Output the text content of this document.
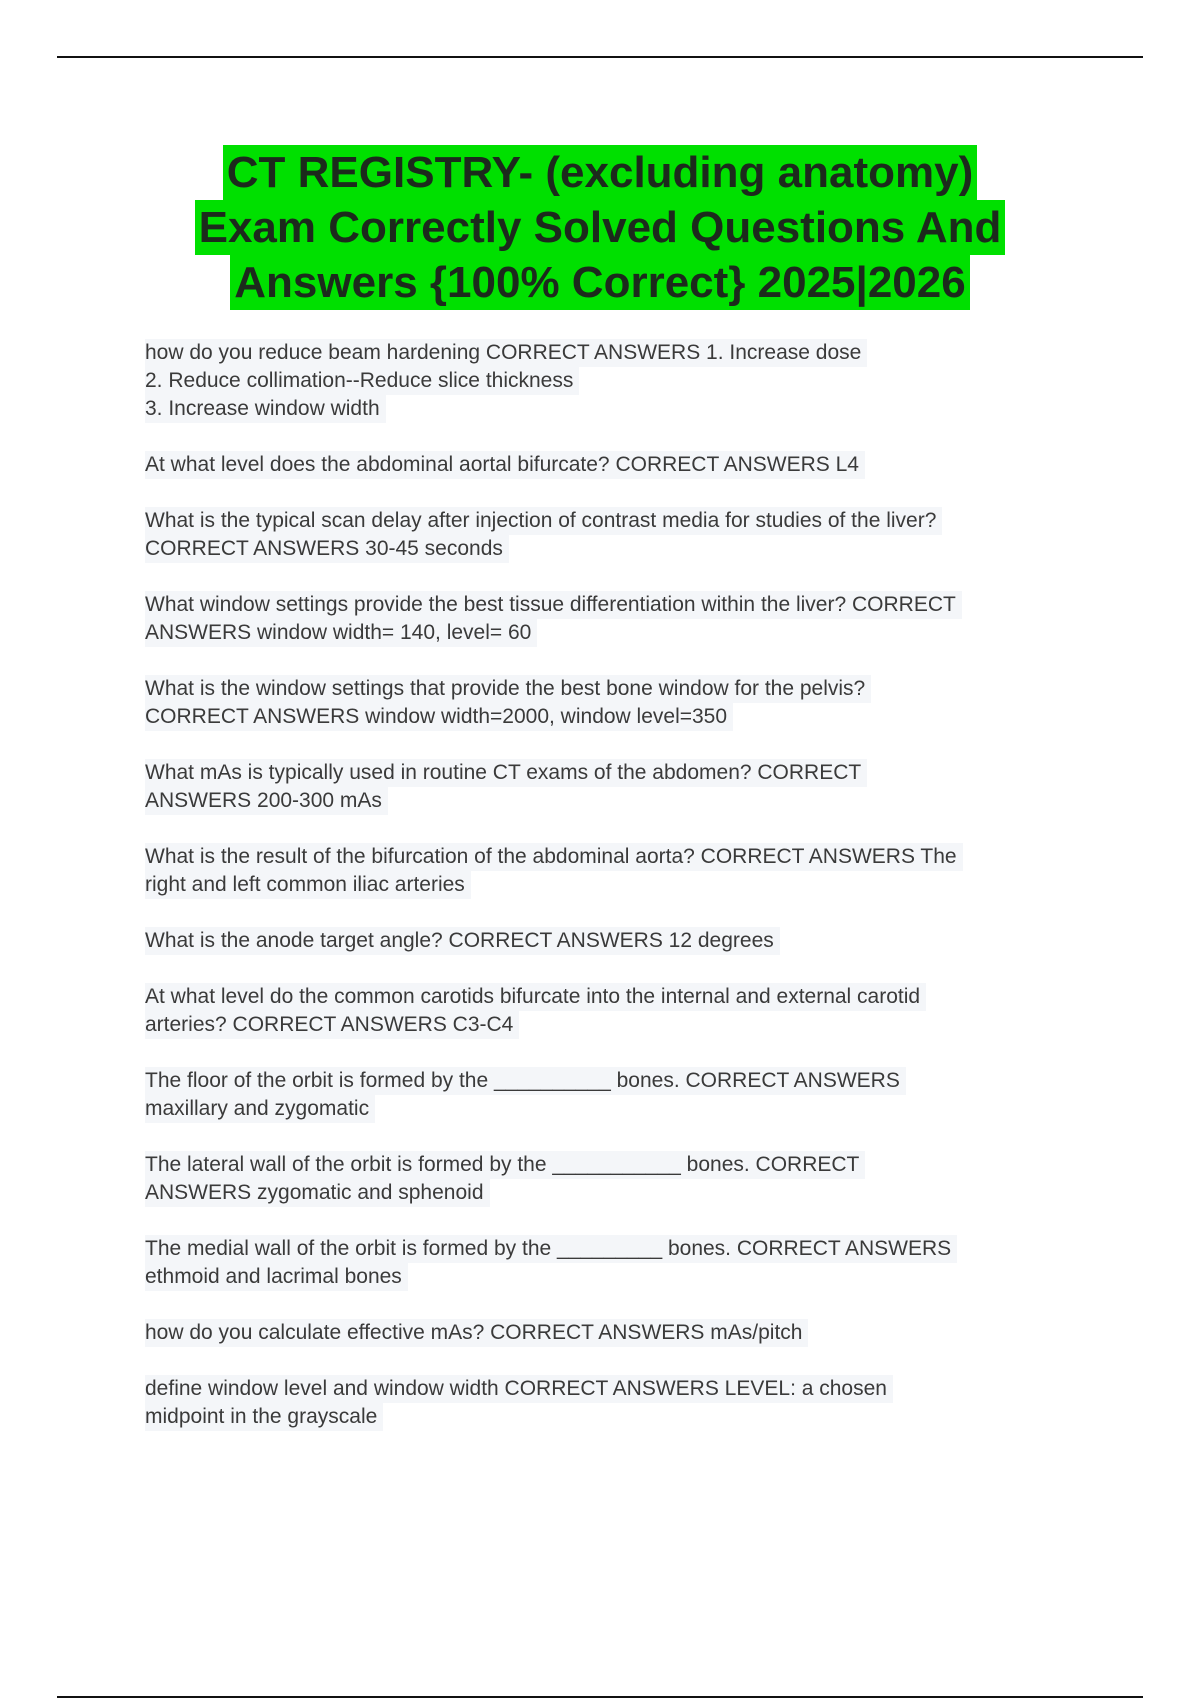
CT REGISTRY- (excluding anatomy)
Exam Correctly Solved Questions And
Answers {100% Correct} 2025|2026
how do you reduce beam hardening CORRECT ANSWERS 1. Increase dose
2. Reduce collimation--Reduce slice thickness
3. Increase window width
At what level does the abdominal aortal bifurcate? CORRECT ANSWERS L4
What is the typical scan delay after injection of contrast media for studies of the liver?
CORRECT ANSWERS 30-45 seconds
What window settings provide the best tissue differentiation within the liver? CORRECT
ANSWERS window width= 140, level= 60
What is the window settings that provide the best bone window for the pelvis?
CORRECT ANSWERS window width=2000, window level=350
What mAs is typically used in routine CT exams of the abdomen? CORRECT
ANSWERS 200-300 mAs
What is the result of the bifurcation of the abdominal aorta? CORRECT ANSWERS The
right and left common iliac arteries
What is the anode target angle? CORRECT ANSWERS 12 degrees
At what level do the common carotids bifurcate into the internal and external carotid
arteries? CORRECT ANSWERS C3-C4
The floor of the orbit is formed by the __________ bones. CORRECT ANSWERS
maxillary and zygomatic
The lateral wall of the orbit is formed by the ___________ bones. CORRECT
ANSWERS zygomatic and sphenoid
The medial wall of the orbit is formed by the _________ bones. CORRECT ANSWERS
ethmoid and lacrimal bones
how do you calculate effective mAs? CORRECT ANSWERS mAs/pitch
define window level and window width CORRECT ANSWERS LEVEL: a chosen
midpoint in the grayscale
